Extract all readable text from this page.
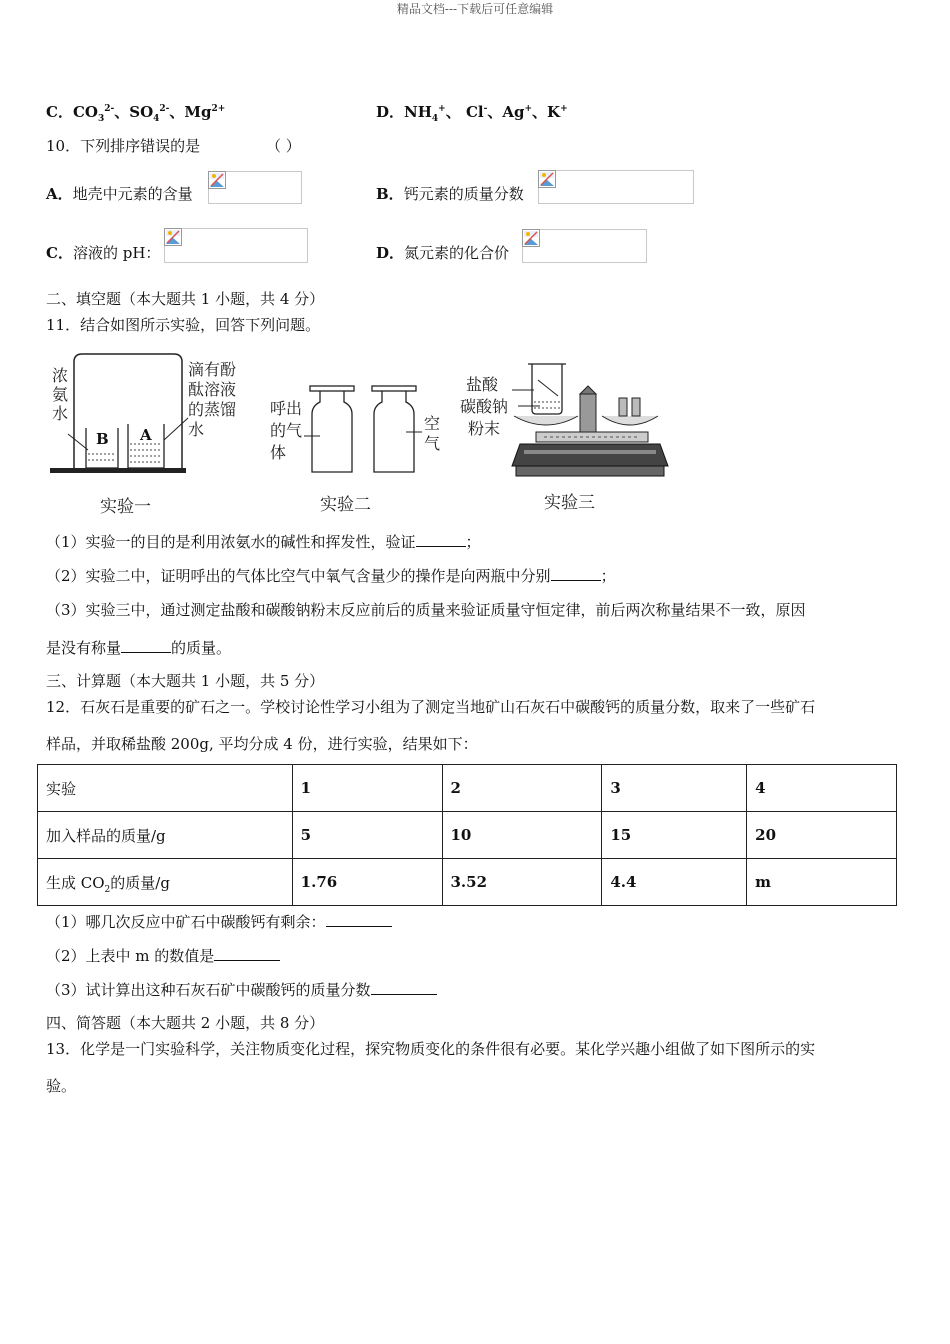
精品文档---下载后可任意编辑
C．$CO_3^{2-}$、$SO_4^{2-}$、$Mg^{2+}$	D．$NH_4^+$、 Cl-、Ag+、K+
10．下列排序错误的是	（ ）
A．地壳中元素的含量	B．钙元素的质量分数
C．溶液的 pH：	D．氮元素的化合价
二、填空题（本大题共 1 小题，共 4 分）
11．结合如图所示实验，回答下列问题。
浓
氨
水
滴有酚
酞溶液
的蒸馏
水
B A
实验一
呼出
的气
体
空
气
实验二
盐酸
碳酸钠
粉末
实验三
（1）实验一的目的是利用浓氨水的碱性和挥发性，验证	；
（2）实验二中，证明呼出的气体比空气中氧气含量少的操作是向两瓶中分别	；
（3）实验三中，通过测定盐酸和碳酸钠粉末反应前后的质量来验证质量守恒定律，前后两次称量结果不一致，原因
是没有称量	的质量。
三、计算题（本大题共 1 小题，共 5 分）
12．石灰石是重要的矿石之一。学校讨论性学习小组为了测定当地矿山石灰石中碳酸钙的质量分数，取来了一些矿石
样品，并取稀盐酸 200g, 平均分成 4 份，进行实验，结果如下：
实验	1	2	3	4
加入样品的质量/g	5	10	15	20
生成 $CO_2$的质量/g	1.76	3.52	4.4	m
（1）哪几次反应中矿石中碳酸钙有剩余：
（2）上表中 m 的数值是
（3）试计算出这种石灰石矿中碳酸钙的质量分数
四、简答题（本大题共 2 小题，共 8 分）
13．化学是一门实验科学，关注物质变化过程，探究物质变化的条件很有必要。某化学兴趣小组做了如下图所示的实
验。
